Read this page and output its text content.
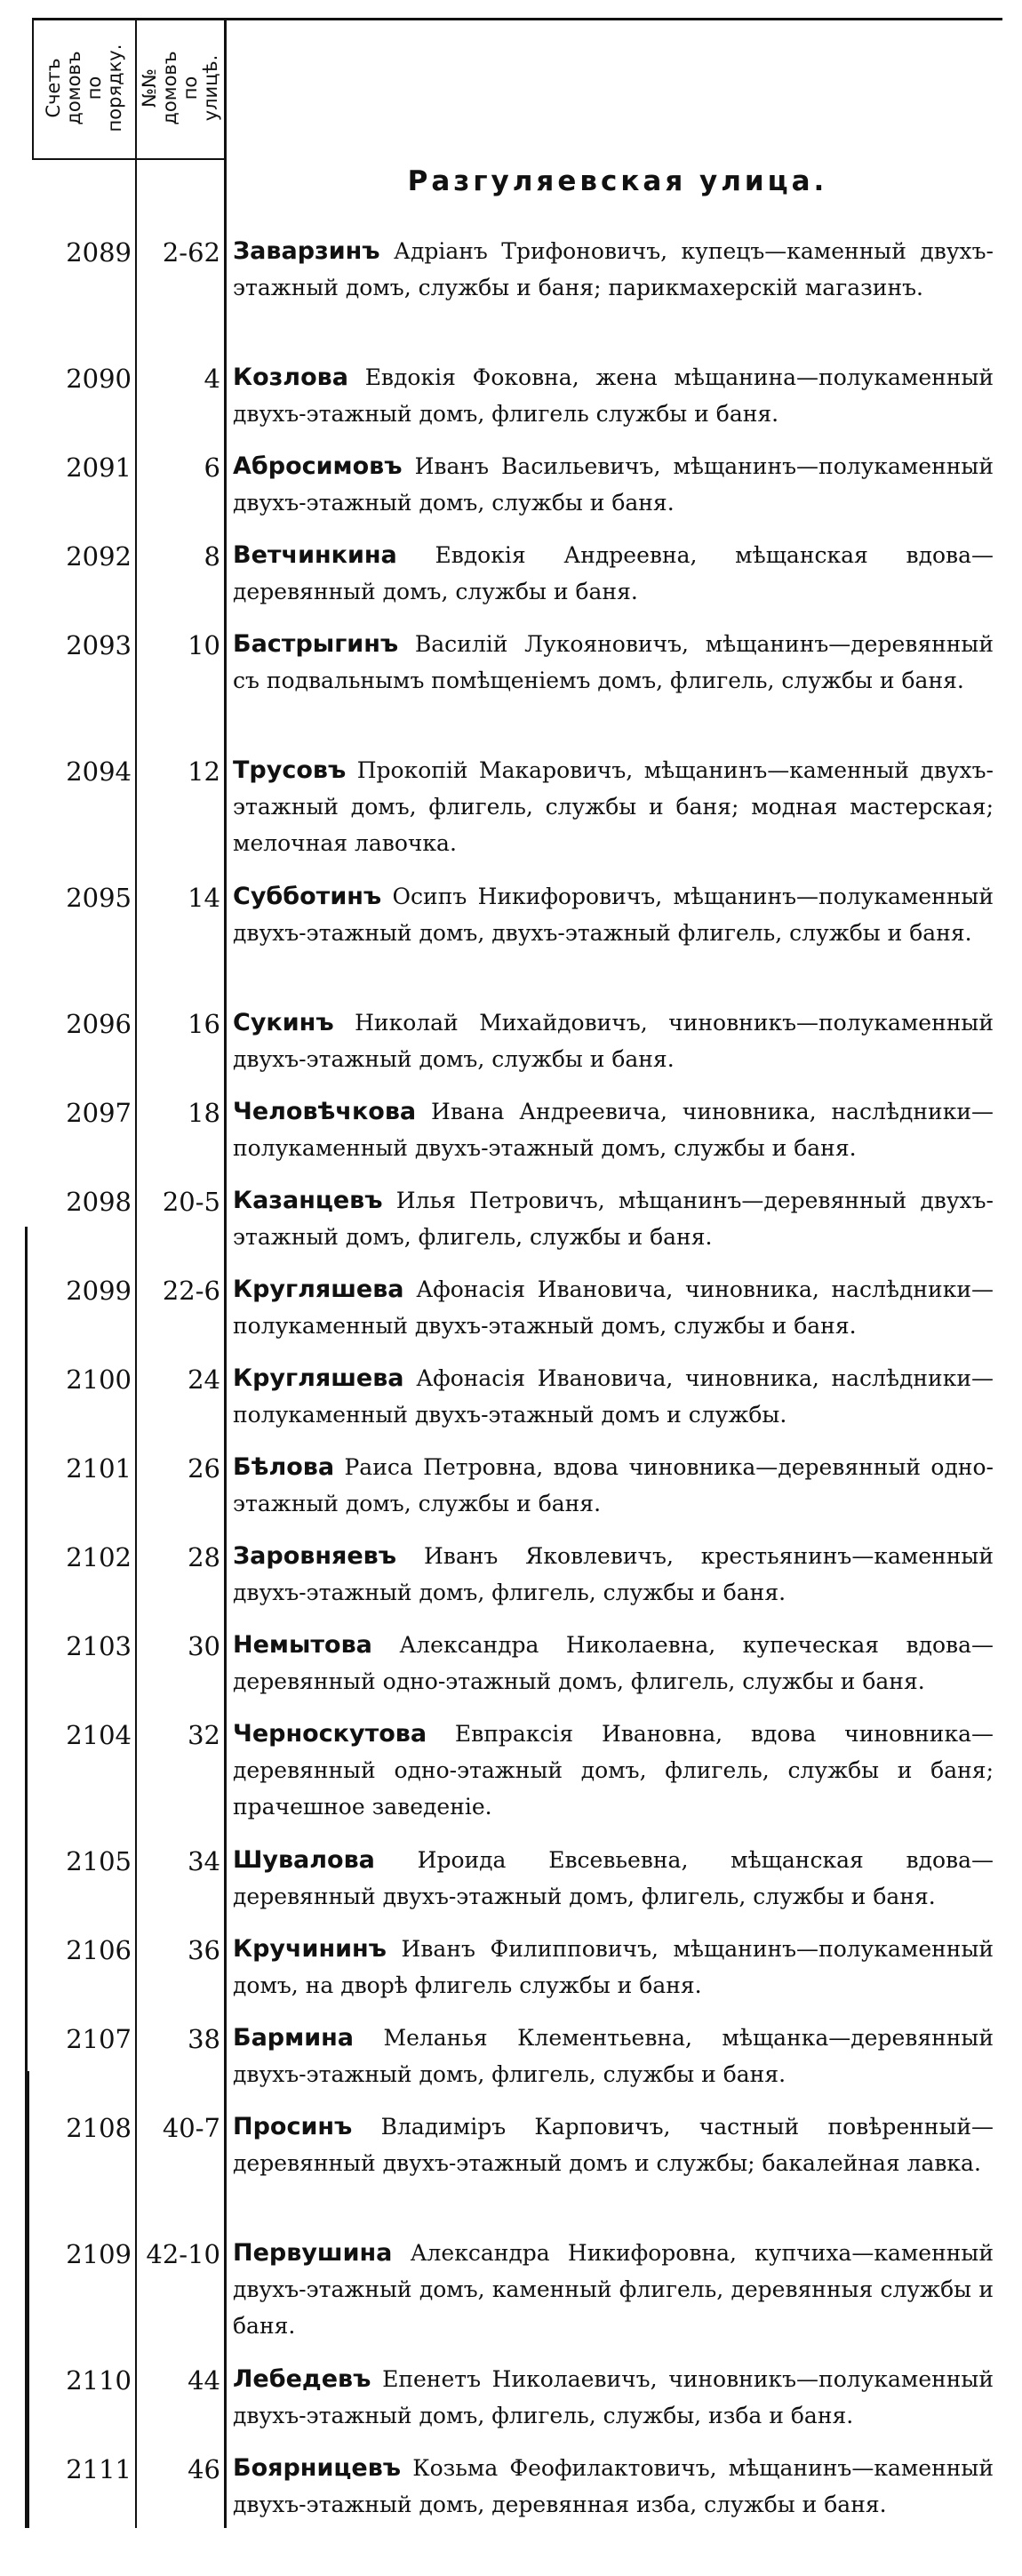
Счетъ домовъ по порядку. №№ домовъ по улицѣ.
Разгуляевская улица.
2089	2-62 Заварзинъ Адріанъ Трифоновичъ, купецъ—каменный двухъ-этажный домъ, службы и баня; парикмахерскій магазинъ.
2090	4 Козлова Евдокія Фоковна, жена мѣщанина—полукаменный двухъ-этажный домъ, флигель службы и баня.
2091	6 Абросимовъ Иванъ Васильевичъ, мѣщанинъ—полукаменный двухъ-этажный домъ, службы и баня.
2092	8 Ветчинкина Евдокія Андреевна, мѣщанская вдова—деревянный домъ, службы и баня.
2093	10 Бастрыгинъ Василій Лукояновичъ, мѣщанинъ—деревянный съ подвальнымъ помѣщеніемъ домъ, флигель, службы и баня.
2094	12 Трусовъ Прокопій Макаровичъ, мѣщанинъ—каменный двухъ-этажный домъ, флигель, службы и баня; модная мастерская; мелочная лавочка.
2095	14 Субботинъ Осипъ Никифоровичъ, мѣщанинъ—полукаменный двухъ-этажный домъ, двухъ-этажный флигель, службы и баня.
2096	16 Сукинъ Николай Михайдовичъ, чиновникъ—полукаменный двухъ-этажный домъ, службы и баня.
2097	18 Человѣчкова Ивана Андреевича, чиновника, наслѣдники—полукаменный двухъ-этажный домъ, службы и баня.
2098	20-5 Казанцевъ Илья Петровичъ, мѣщанинъ—деревянный двухъ-этажный домъ, флигель, службы и баня.
2099	22-6 Кругляшева Афонасія Ивановича, чиновника, наслѣдники—полукаменный двухъ-этажный домъ, службы и баня.
2100	24 Кругляшева Афонасія Ивановича, чиновника, наслѣдники—полукаменный двухъ-этажный домъ и службы.
2101	26 Бѣлова Раиса Петровна, вдова чиновника—деревянный одно-этажный домъ, службы и баня.
2102	28 Заровняевъ Иванъ Яковлевичъ, крестьянинъ—каменный двухъ-этажный домъ, флигель, службы и баня.
2103	30 Немытова Александра Николаевна, купеческая вдова—деревянный одно-этажный домъ, флигель, службы и баня.
2104	32 Черноскутова Евпраксія Ивановна, вдова чиновника—деревянный одно-этажный домъ, флигель, службы и баня; прачешное заведеніе.
2105	34 Шувалова Ироида Евсевьевна, мѣщанская вдова—деревянный двухъ-этажный домъ, флигель, службы и баня.
2106	36 Кручининъ Иванъ Филипповичъ, мѣщанинъ—полукаменный домъ, на дворѣ флигель службы и баня.
2107	38 Бармина Меланья Клементьевна, мѣщанка—деревянный двухъ-этажный домъ, флигель, службы и баня.
2108	40-7 Просинъ Владиміръ Карповичъ, частный повѣренный—деревянный двухъ-этажный домъ и службы; бакалейная лавка.
2109 42-10 Первушина Александра Никифоровна, купчиха—каменный двухъ-этажный домъ, каменный флигель, деревянныя службы и баня.
2110	44 Лебедевъ Епенетъ Николаевичъ, чиновникъ—полукаменный двухъ-этажный домъ, флигель, службы, изба и баня.
2111	46 Боярницевъ Козьма Феофилактовичъ, мѣщанинъ—каменный двухъ-этажный домъ, деревянная изба, службы и баня.
